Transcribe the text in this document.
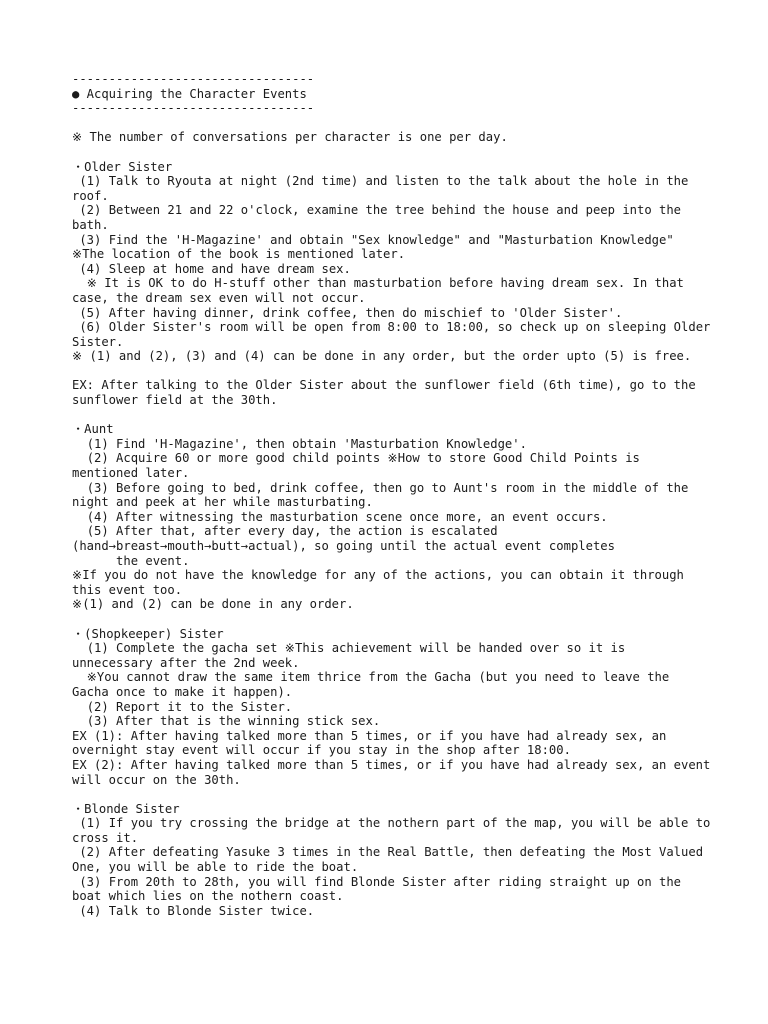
---------------------------------
● Acquiring the Character Events
---------------------------------
※ The number of conversations per character is one per day.
・Older Sister
(1) Talk to Ryouta at night (2nd time) and listen to the talk about the hole in the roof.
(2) Between 21 and 22 o'clock, examine the tree behind the house and peep into the bath.
(3) Find the 'H-Magazine' and obtain "Sex knowledge" and "Masturbation Knowledge"
※The location of the book is mentioned later.
(4) Sleep at home and have dream sex.
※ It is OK to do H-stuff other than masturbation before having dream sex. In that case, the dream sex even will not occur.
(5) After having dinner, drink coffee, then do mischief to 'Older Sister'.
(6) Older Sister's room will be open from 8:00 to 18:00, so check up on sleeping Older Sister.
※ (1) and (2), (3) and (4) can be done in any order, but the order upto (5) is free.
EX: After talking to the Older Sister about the sunflower field (6th time), go to the sunflower field at the 30th.
・Aunt
(1) Find 'H-Magazine', then obtain 'Masturbation Knowledge'.
(2) Acquire 60 or more good child points ※How to store Good Child Points is mentioned later.
(3) Before going to bed, drink coffee, then go to Aunt's room in the middle of the night and peek at her while masturbating.
(4) After witnessing the masturbation scene once more, an event occurs.
(5) After that, after every day, the action is escalated
(hand→breast→mouth→butt→actual), so going until the actual event completes
the event.
※If you do not have the knowledge for any of the actions, you can obtain it through this event too.
※(1) and (2) can be done in any order.
・(Shopkeeper) Sister
(1) Complete the gacha set ※This achievement will be handed over so it is unnecessary after the 2nd week.
※You cannot draw the same item thrice from the Gacha (but you need to leave the Gacha once to make it happen).
(2) Report it to the Sister.
(3) After that is the winning stick sex.
EX (1): After having talked more than 5 times, or if you have had already sex, an overnight stay event will occur if you stay in the shop after 18:00.
EX (2): After having talked more than 5 times, or if you have had already sex, an event will occur on the 30th.
・Blonde Sister
(1) If you try crossing the bridge at the nothern part of the map, you will be able to cross it.
(2) After defeating Yasuke 3 times in the Real Battle, then defeating the Most Valued One, you will be able to ride the boat.
(3) From 20th to 28th, you will find Blonde Sister after riding straight up on the boat which lies on the nothern coast.
(4) Talk to Blonde Sister twice.
